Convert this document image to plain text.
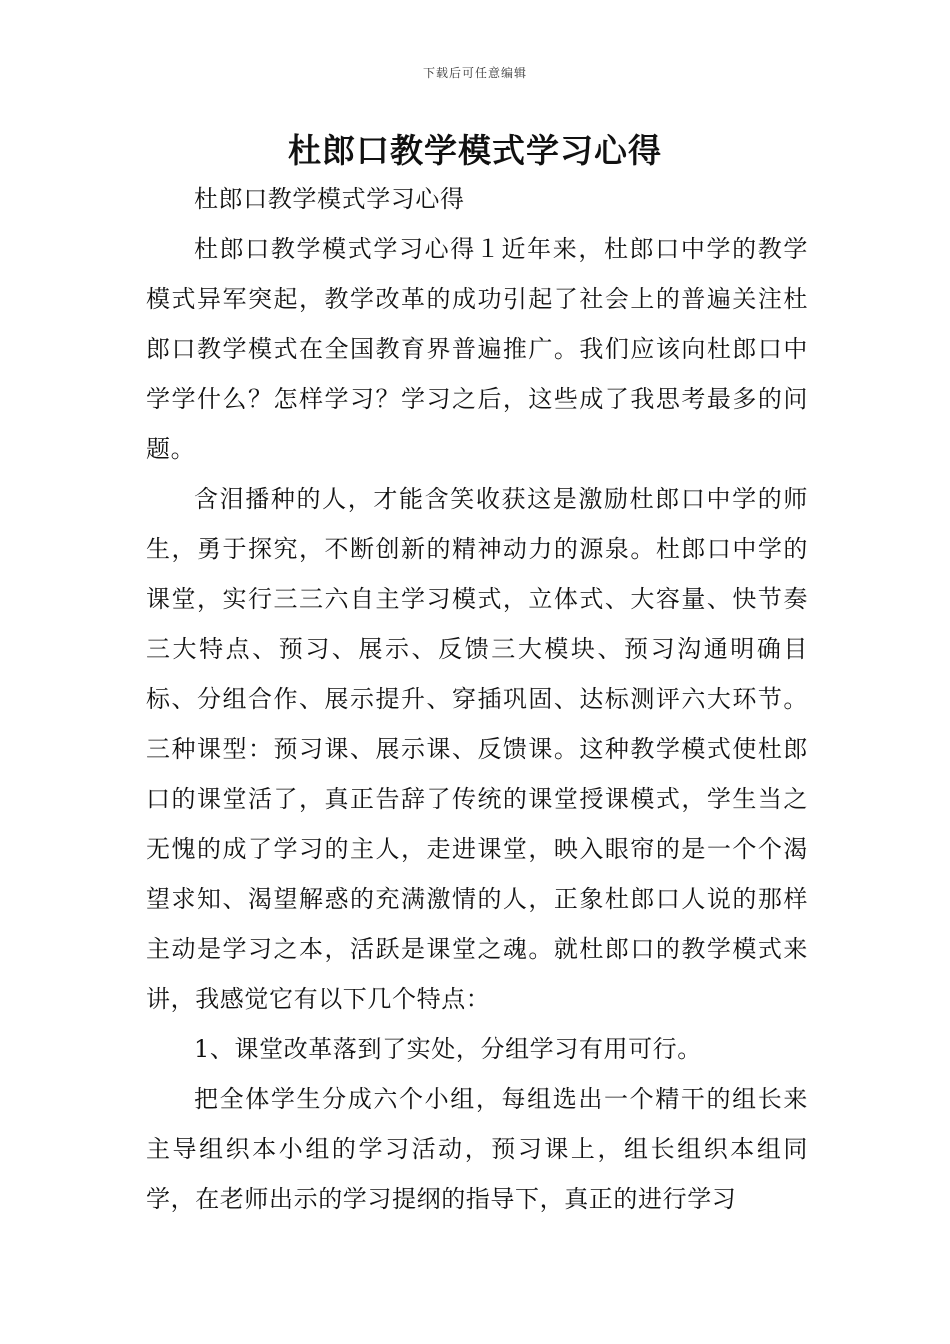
下载后可任意编辑
杜郎口教学模式学习心得

杜郎口教学模式学习心得

杜郎口教学模式学习心得１近年来，杜郎口中学的教学模式异军突起，教学改革的成功引起了社会上的普遍关注杜郎口教学模式在全国教育界普遍推广。我们应该向杜郎口中学学什么？怎样学习？学习之后，这些成了我思考最多的问题。

含泪播种的人，才能含笑收获这是激励杜郎口中学的师生，勇于探究，不断创新的精神动力的源泉。杜郎口中学的课堂，实行三三六自主学习模式，立体式、大容量、快节奏三大特点、预习、展示、反馈三大模块、预习沟通明确目标、分组合作、展示提升、穿插巩固、达标测评六大环节。三种课型：预习课、展示课、反馈课。这种教学模式使杜郎口的课堂活了，真正告辞了传统的课堂授课模式，学生当之无愧的成了学习的主人，走进课堂，映入眼帘的是一个个渴望求知、渴望解惑的充满激情的人，正象杜郎口人说的那样主动是学习之本，活跃是课堂之魂。就杜郎口的教学模式来讲，我感觉它有以下几个特点：

1、课堂改革落到了实处，分组学习有用可行。

把全体学生分成六个小组，每组选出一个精干的组长来主导组织本小组的学习活动，预习课上，组长组织本组同学，在老师出示的学习提纲的指导下，真正的进行学习
